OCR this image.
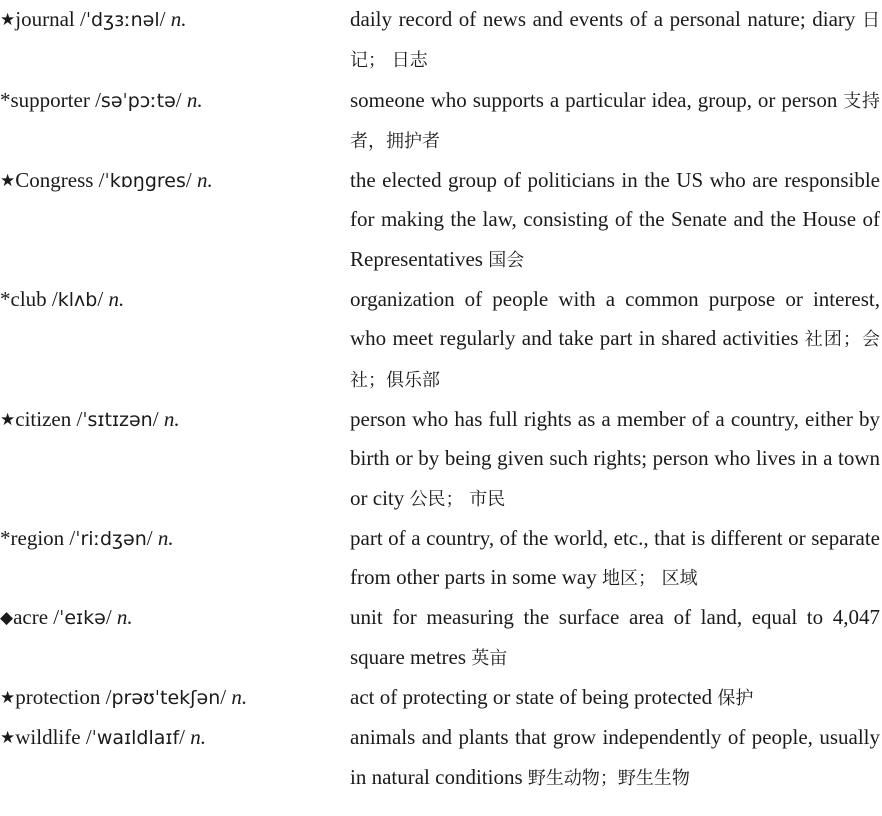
★journal /ˈdʒɜːnəl/ n.	daily record of news and events of a personal nature; diary 日记； 日志
*supporter /səˈpɔːtə/ n.	someone who supports a particular idea, group, or person 支持者，拥护者
★Congress /ˈkɒŋgres/ n.	the elected group of politicians in the US who are responsible for making the law, consisting of the Senate and the House of Representatives 国会
*club /klʌb/ n.	organization of people with a common purpose or interest, who meet regularly and take part in shared activities 社团；会社；俱乐部
★citizen /ˈsɪtɪzən/ n.	person who has full rights as a member of a country, either by birth or by being given such rights; person who lives in a town or city 公民； 市民
*region /ˈriːdʒən/ n.	part of a country, of the world, etc., that is different or separate from other parts in some way 地区； 区域
◆acre /ˈeɪkə/ n.	unit for measuring the surface area of land, equal to 4,047 square metres 英亩
★protection /prəʊˈtekʃən/ n.	act of protecting or state of being protected 保护
★wildlife /ˈwaɪldlaɪf/ n.	animals and plants that grow independently of people, usually in natural conditions 野生动物；野生生物
